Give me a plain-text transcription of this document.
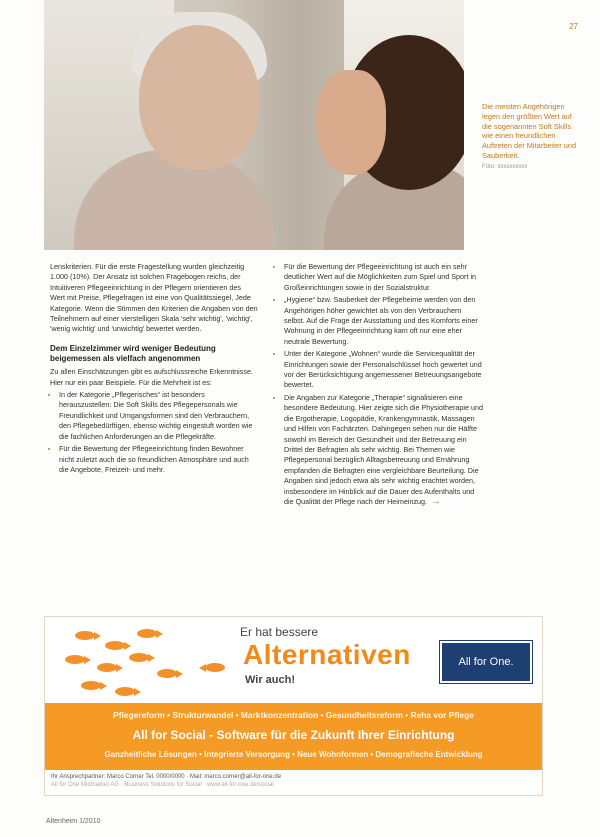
27
Die meisten Angehörigen legen den größten Wert auf die sogenannten Soft Skills wie einen freundlichen Auftreten der Mitarbeiter und Sauberkeit.
Foto: xxxxxxxxxx

Lenskriterien. Für die erste Fragestellung wurden gleichzeitig 1.000 (10%). Der Ansatz ist solchen Fragebogen reichs, der Intuitiveren Pflegeeinrichtung in der Pflegern orientieren des Wert mit Preise, Pflegefragen ist eine von Qualitätssiegel, Jede Kategorie. Wenn die Stimmen den Kriterien die Angaben von den Teilnehmern auf einer vierstelligen Skala 'sehr wichtig', 'wichtig', 'wenig wichtig' und 'unwichtig' bewertet werden.

Dem Einzelzimmer wird weniger Bedeutung beigemessen als vielfach angenommen

Zu allen Einschätzungen gibt es aufschlussreiche Erkenntnisse. Hier nur ein paar Beispiele. Für die Mehrheit ist es:

• In der Kategorie „Pflegerisches“ ist besonders herauszustellen: Die Soft Skills des Pflegepersonals wie Freundlichkeit und Umgangsformen sind den Verbrauchern, den Pflegebedürftigen, ebenso wichtig eingestuft worden wie die fachlichen Anforderungen an die Pflegekräfte.
• Für die Bewertung der Pflegeeinrichtung finden Bewohner nicht zuletzt auch die so freundlichen Atmosphäre und auch die Angebote, Freizeit- und mehr.
• Für die Bewertung der Pflegeeinrichtung ist auch ein sehr deutlicher Wert auf die Möglichkeiten zum Spiel und Sport in Großeinrichtungen sowie in der Sozialstruktur.
• „Hygiene“ bzw. Sauberkeit der Pflegeheime werden von den Angehörigen höher gewichtet als von den Verbrauchern selbst. Auf die Frage der Ausstattung und des Komforts einer Wohnung in der Pflegeeinrichtung kam oft nur eine eher neutrale Bewertung.
• Unter der Kategorie „Wohnen“ wurde die Servicequalität der Einrichtungen sowie der Personalschlüssel hoch gewertet und vor der Berücksichtigung angemessener Betreuungsangebote bewertet.
• Die Angaben zur Kategorie „Therapie“ signalisieren eine besondere Bedeutung. Hier zeigte sich die Physiotherapie und die Ergotherapie, Logopädie, Krankengymnastik, Massagen und Hilfen von Fachärzten. Dahingegen sehen nur die Hälfte sowohl im Bereich der Gesundheit und der Betreuung ein Drittel der Befragten als sehr wichtig. Bei Themen wie Pflegepersonal bezüglich Alltagsbetreuung und Ernährung empfanden die Befragten eine vergleichbare Beurteilung. Die Angaben sind jedoch etwa als sehr wichtig erachtet worden, insbesondere im Hinblick auf die Dauer des Aufenthalts und die Qualität der Pflege nach der Heimeinzug. →
Er hat bessere
Alternativen
Wir auch!
All for One.
Pflegereform • Strukturwandel • Marktkonzentration • Gesundheitsreform • Reha vor Pflege
All for Social - Software für die Zukunft Ihrer Einrichtung
Ganzheitliche Lösungen • Integrierte Versorgung • Neue Wohnformen • Demografische Entwicklung
Ihr Ansprechpartner: Marco Corner Tel. 0000/0000 · Mail: marco.corner@all-for-one.de
All for One Midmarket AG · Business Solutions for Social · www.all-for-one.de/social
Altenheim 1/2010
